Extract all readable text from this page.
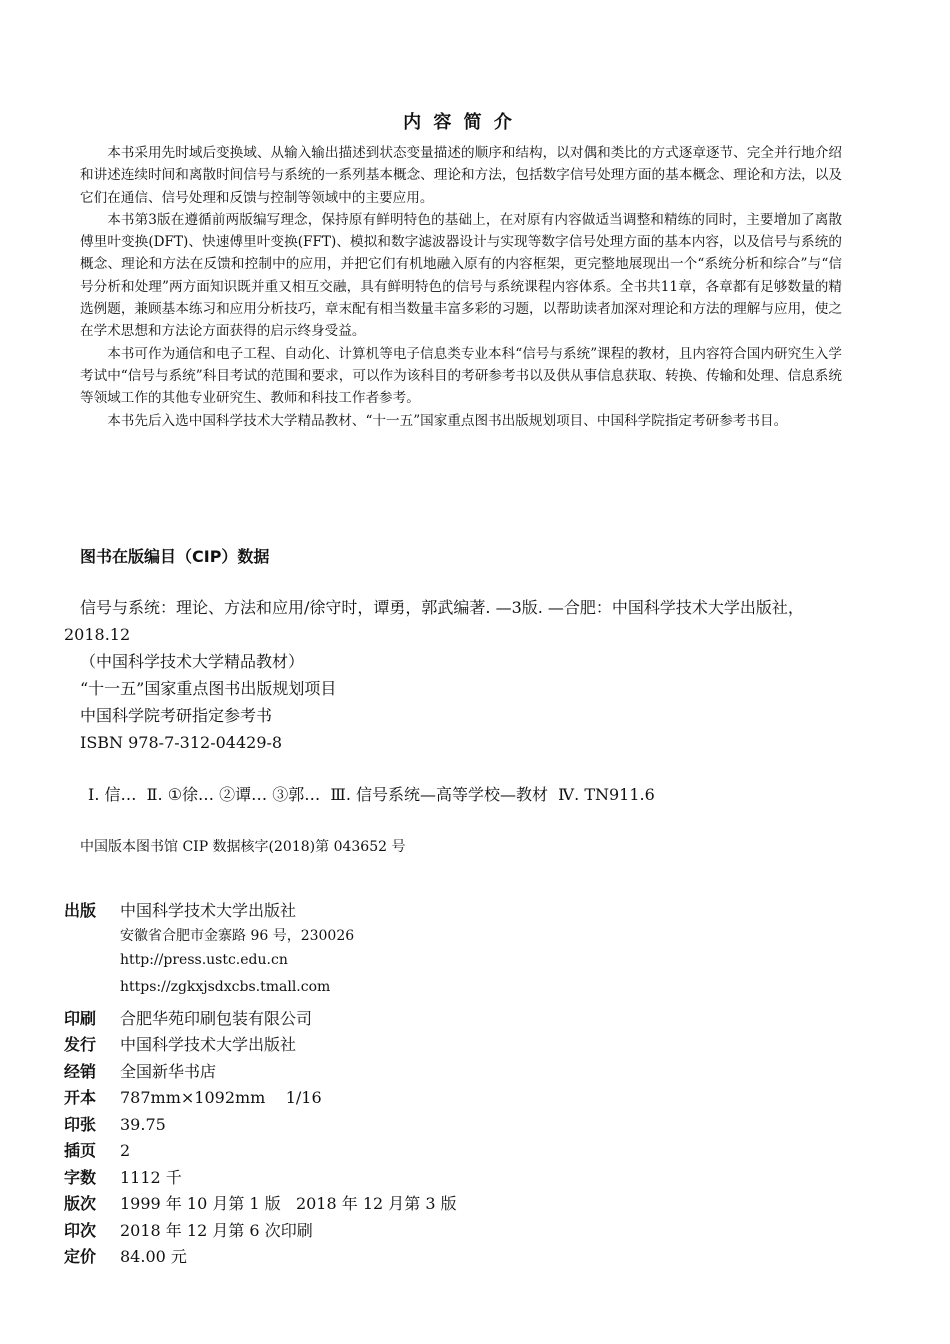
内 容 简 介

本书采用先时域后变换域、从输入输出描述到状态变量描述的顺序和结构，以对偶和类比的方式逐章逐节、完全并行地介绍和讲述连续时间和离散时间信号与系统的一系列基本概念、理论和方法，包括数字信号处理方面的基本概念、理论和方法，以及它们在通信、信号处理和反馈与控制等领域中的主要应用。

本书第3版在遵循前两版编写理念，保持原有鲜明特色的基础上，在对原有内容做适当调整和精练的同时，主要增加了离散傅里叶变换(DFT)、快速傅里叶变换(FFT)、模拟和数字滤波器设计与实现等数字信号处理方面的基本内容，以及信号与系统的概念、理论和方法在反馈和控制中的应用，并把它们有机地融入原有的内容框架，更完整地展现出一个“系统分析和综合”与“信号分析和处理”两方面知识既并重又相互交融，具有鲜明特色的信号与系统课程内容体系。全书共11章，各章都有足够数量的精选例题，兼顾基本练习和应用分析技巧，章末配有相当数量丰富多彩的习题，以帮助读者加深对理论和方法的理解与应用，使之在学术思想和方法论方面获得的启示终身受益。

本书可作为通信和电子工程、自动化、计算机等电子信息类专业本科“信号与系统”课程的教材，且内容符合国内研究生入学考试中“信号与系统”科目考试的范围和要求，可以作为该科目的考研参考书以及供从事信息获取、转换、传输和处理、信息系统等领域工作的其他专业研究生、教师和科技工作者参考。

本书先后入选中国科学技术大学精品教材、“十一五”国家重点图书出版规划项目、中国科学院指定考研参考书目。

图书在版编目（CIP）数据
信号与系统：理论、方法和应用/徐守时，谭勇，郭武编著. —3版. —合肥：中国科学技术大学出版社，2018.12
（中国科学技术大学精品教材）
“十一五”国家重点图书出版规划项目
中国科学院考研指定参考书
ISBN 978-7-312-04429-8
Ⅰ. 信…  Ⅱ. ①徐… ②谭… ③郭…  Ⅲ. 信号系统—高等学校—教材  Ⅳ. TN911.6
中国版本图书馆 CIP 数据核字(2018)第 043652 号
出版	中国科学技术大学出版社
安徽省合肥市金寨路 96 号，230026
http://press.ustc.edu.cn
https://zgkxjsdxcbs.tmall.com
印刷	合肥华苑印刷包装有限公司
发行	中国科学技术大学出版社
经销	全国新华书店
开本	787mm×1092mm    1/16
印张	39.75
插页	2
字数	1112 千
版次	1999 年 10 月第 1 版   2018 年 12 月第 3 版
印次	2018 年 12 月第 6 次印刷
定价	84.00 元
